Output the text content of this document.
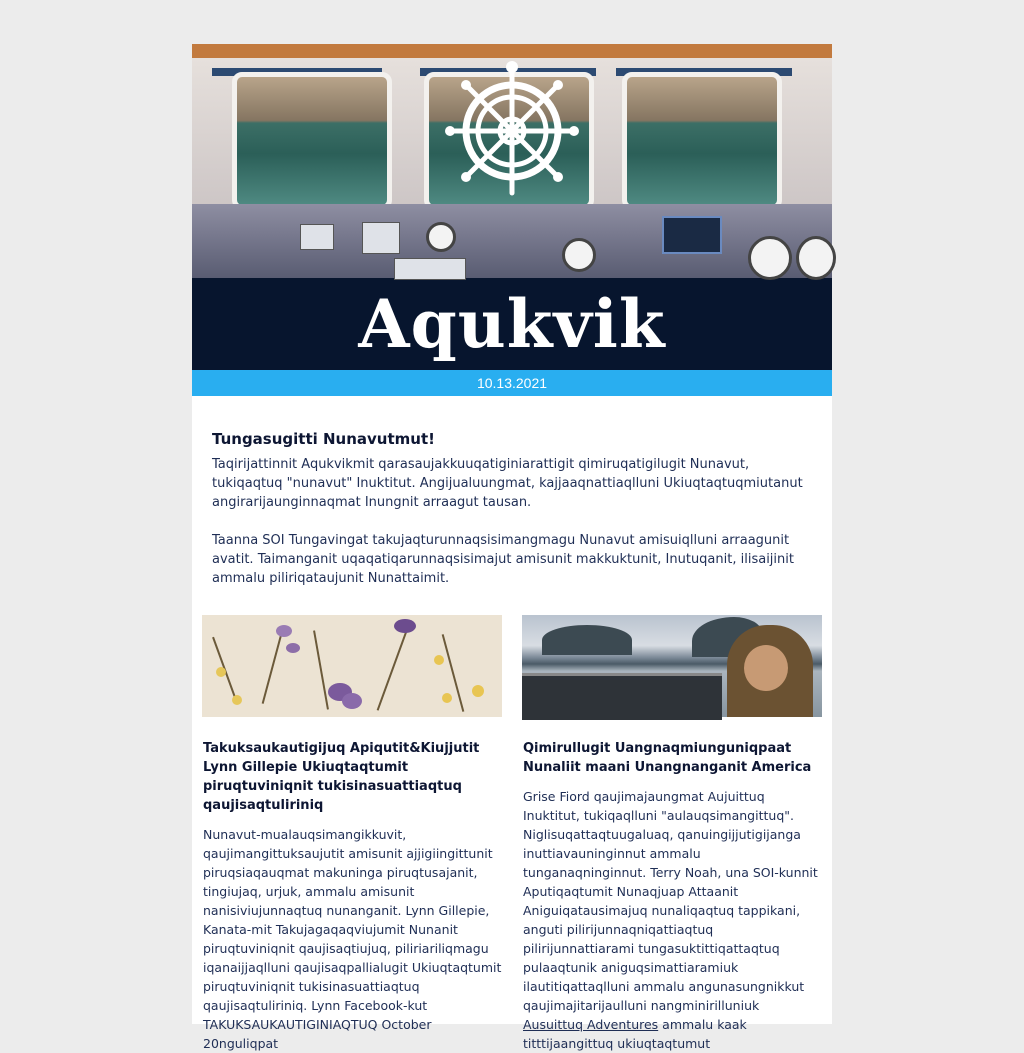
Aqukvik
10.13.2021
Tungasugitti Nunavutmut!

Taqirijattinnit Aqukvikmit qarasaujakkuuqatiginiarattigit qimiruqatigilugit Nunavut, tukiqaqtuq "nunavut" Inuktitut. Angijualuungmat, kajjaaqnattiaqlluni Ukiuqtaqtuqmiutanut angirarijaunginnaqmat Inungnit arraagut tausan.

Taanna SOI Tungavingat takujaqturunnaqsisimangmagu Nunavut amisuiqlluni arraagunit avatit. Taimanganit uqaqatiqarunnaqsisimajut amisunit makkuktunit, Inutuqanit, ilisaijinit ammalu piliriqataujunit Nunattaimit.

Takuksaukautigijuq Apiqutit&Kiujjutit Lynn Gillepie Ukiuqtaqtumit piruqtuviniqnit tukisinasuattiaqtuq qaujisaqtuliriniq

Nunavut-mualauqsimangikkuvit, qaujimangittuksaujutit amisunit ajjigiingittunit piruqsiaqauqmat makuninga piruqtusajanit, tingiujaq, urjuk, ammalu amisunit nanisiviujunnaqtuq nunanganit. Lynn Gillepie, Kanata-mit Takujagaqaqviujumit Nunanit piruqtuviniqnit qaujisaqtiujuq, piliriariliqmagu iqanaijjaqlluni qaujisaqpallialugit Ukiuqtaqtumit piruqtuviniqnit tukisinasuattiaqtuq qaujisaqtuliriniq. Lynn Facebook-kut TAKUKSAUKAUTIGINIAQTUQ October 20nguliqpat

Qimirullugit Uangnaqmiunguniqpaat Nunaliit maani Unangnanganit America

Grise Fiord qaujimajaungmat Aujuittuq Inuktitut, tukiqaqlluni "aulauqsimangittuq". Niglisuqattaqtuugaluaq, qanuingijjutigijanga inuttiavauninginnut ammalu tunganaqninginnut. Terry Noah, una SOI-kunnit Aputiqaqtumit Nunaqjuap Attaanit Aniguiqatausimajuq nunaliqaqtuq tappikani, anguti pilirijunnaqniqattiaqtuq pilirijunnattiarami tungasuktittiqattaqtuq pulaaqtunik aniguqsimattiaramiuk ilautitiqattaqlluni ammalu angunasungnikkut qaujimajitarijaulluni nangminirilluniuk Ausuittuq Adventures ammalu kaak titttijaangittuq ukiuqtaqtumut
